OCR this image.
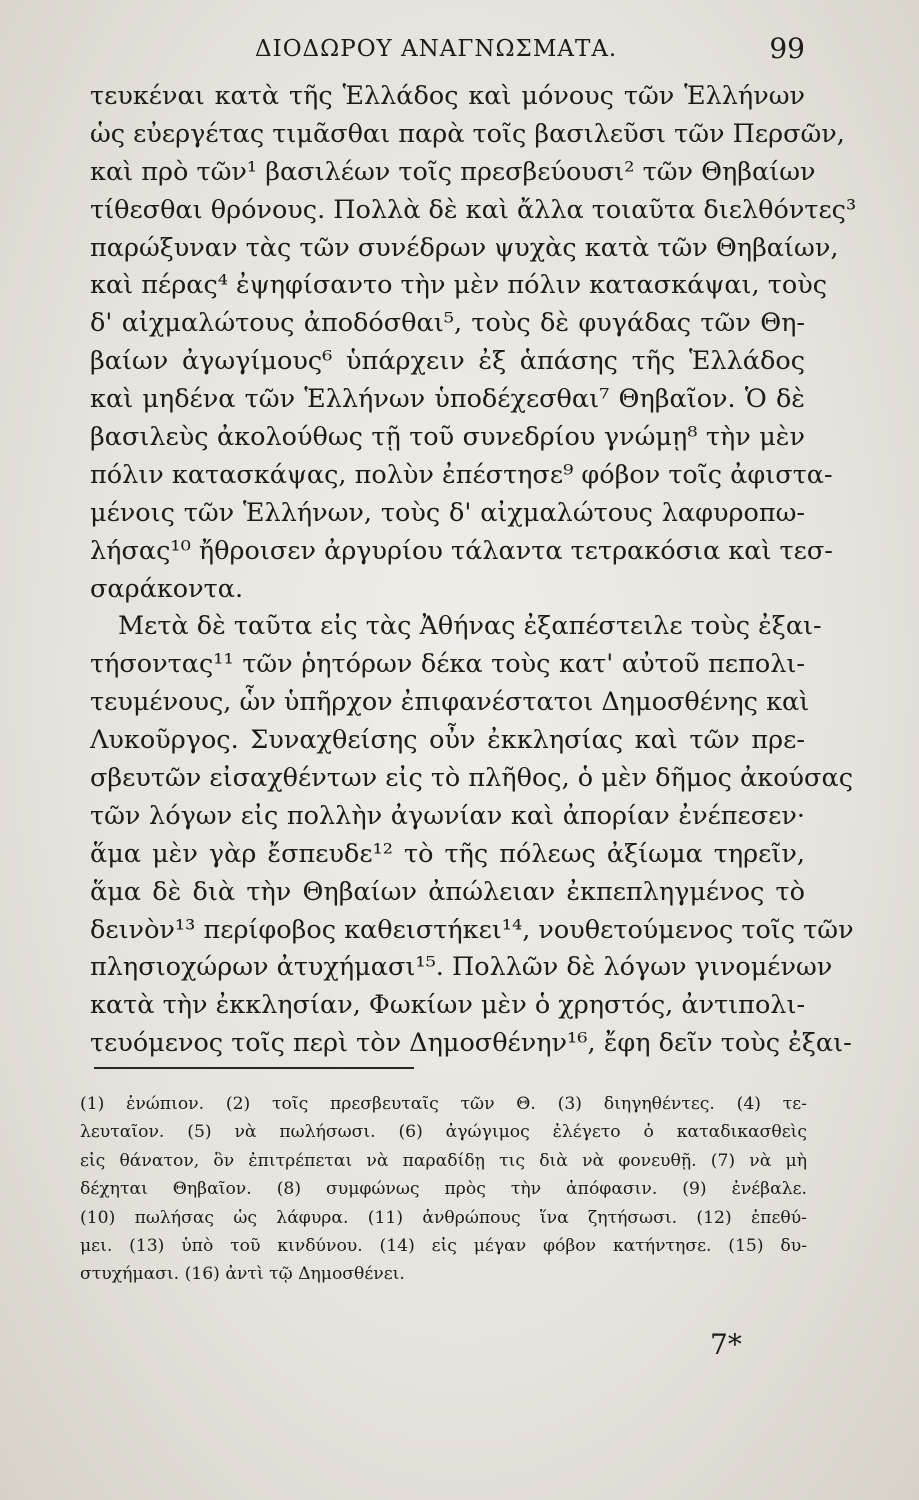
ΔΙΟΔΩΡΟΥ ΑΝΑΓΝΩΣΜΑΤΑ.	99
τευκέναι κατὰ τῆς Ἑλλάδος καὶ μόνους τῶν Ἑλλήνων
ὡς εὐεργέτας τιμᾶσθαι παρὰ τοῖς βασιλεῦσι τῶν Περσῶν,
καὶ πρὸ τῶν¹ βασιλέων τοῖς πρεσβεύουσι² τῶν Θηβαίων
τίθεσθαι θρόνους. Πολλὰ δὲ καὶ ἄλλα τοιαῦτα διελθόντες³
παρώξυναν τὰς τῶν συνέδρων ψυχὰς κατὰ τῶν Θηβαίων,
καὶ πέρας⁴ ἐψηφίσαντο τὴν μὲν πόλιν κατασκάψαι, τοὺς
δ' αἰχμαλώτους ἀποδόσθαι⁵, τοὺς δὲ φυγάδας τῶν Θη-
βαίων ἀγωγίμους⁶ ὑπάρχειν ἐξ ἁπάσης τῆς Ἑλλάδος
καὶ μηδένα τῶν Ἑλλήνων ὑποδέχεσθαι⁷ Θηβαῖον. Ὁ δὲ
βασιλεὺς ἀκολούθως τῇ τοῦ συνεδρίου γνώμῃ⁸ τὴν μὲν
πόλιν κατασκάψας, πολὺν ἐπέστησε⁹ φόβον τοῖς ἀφιστα-
μένοις τῶν Ἑλλήνων, τοὺς δ' αἰχμαλώτους λαφυροπω-
λήσας¹⁰ ἤθροισεν ἀργυρίου τάλαντα τετρακόσια καὶ τεσ-
σαράκοντα.
Μετὰ δὲ ταῦτα εἰς τὰς Ἀθήνας ἐξαπέστειλε τοὺς ἐξαι-
τήσοντας¹¹ τῶν ῥητόρων δέκα τοὺς κατ' αὐτοῦ πεπολι-
τευμένους, ὧν ὑπῆρχον ἐπιφανέστατοι Δημοσθένης καὶ
Λυκοῦργος. Συναχθείσης οὖν ἐκκλησίας καὶ τῶν πρε-
σβευτῶν εἰσαχθέντων εἰς τὸ πλῆθος, ὁ μὲν δῆμος ἀκούσας
τῶν λόγων εἰς πολλὴν ἀγωνίαν καὶ ἀπορίαν ἐνέπεσεν·
ἅμα μὲν γὰρ ἔσπευδε¹² τὸ τῆς πόλεως ἀξίωμα τηρεῖν,
ἅμα δὲ διὰ τὴν Θηβαίων ἀπώλειαν ἐκπεπληγμένος τὸ
δεινὸν¹³ περίφοβος καθειστήκει¹⁴, νουθετούμενος τοῖς τῶν
πλησιοχώρων ἀτυχήμασι¹⁵. Πολλῶν δὲ λόγων γινομένων
κατὰ τὴν ἐκκλησίαν, Φωκίων μὲν ὁ χρηστός, ἀντιπολι-
τευόμενος τοῖς περὶ τὸν Δημοσθένην¹⁶, ἔφη δεῖν τοὺς ἐξαι-
(1) ἐνώπιον. (2) τοῖς πρεσβευταῖς τῶν Θ. (3) διηγηθέντες. (4) τε-
λευταῖον. (5) νὰ πωλήσωσι. (6) ἀγώγιμος ἐλέγετο ὁ καταδικασθεὶς
εἰς θάνατον, ὃν ἐπιτρέπεται νὰ παραδίδῃ τις διὰ νὰ φονευθῇ. (7) νὰ μὴ
δέχηται Θηβαῖον. (8) συμφώνως πρὸς τὴν ἀπόφασιν. (9) ἐνέβαλε.
(10) πωλήσας ὡς λάφυρα. (11) ἀνθρώπους ἵνα ζητήσωσι. (12) ἐπεθύ-
μει. (13) ὑπὸ τοῦ κινδύνου. (14) εἰς μέγαν φόβον κατήντησε. (15) δυ-
στυχήμασι. (16) ἀντὶ τῷ Δημοσθένει.
7*
